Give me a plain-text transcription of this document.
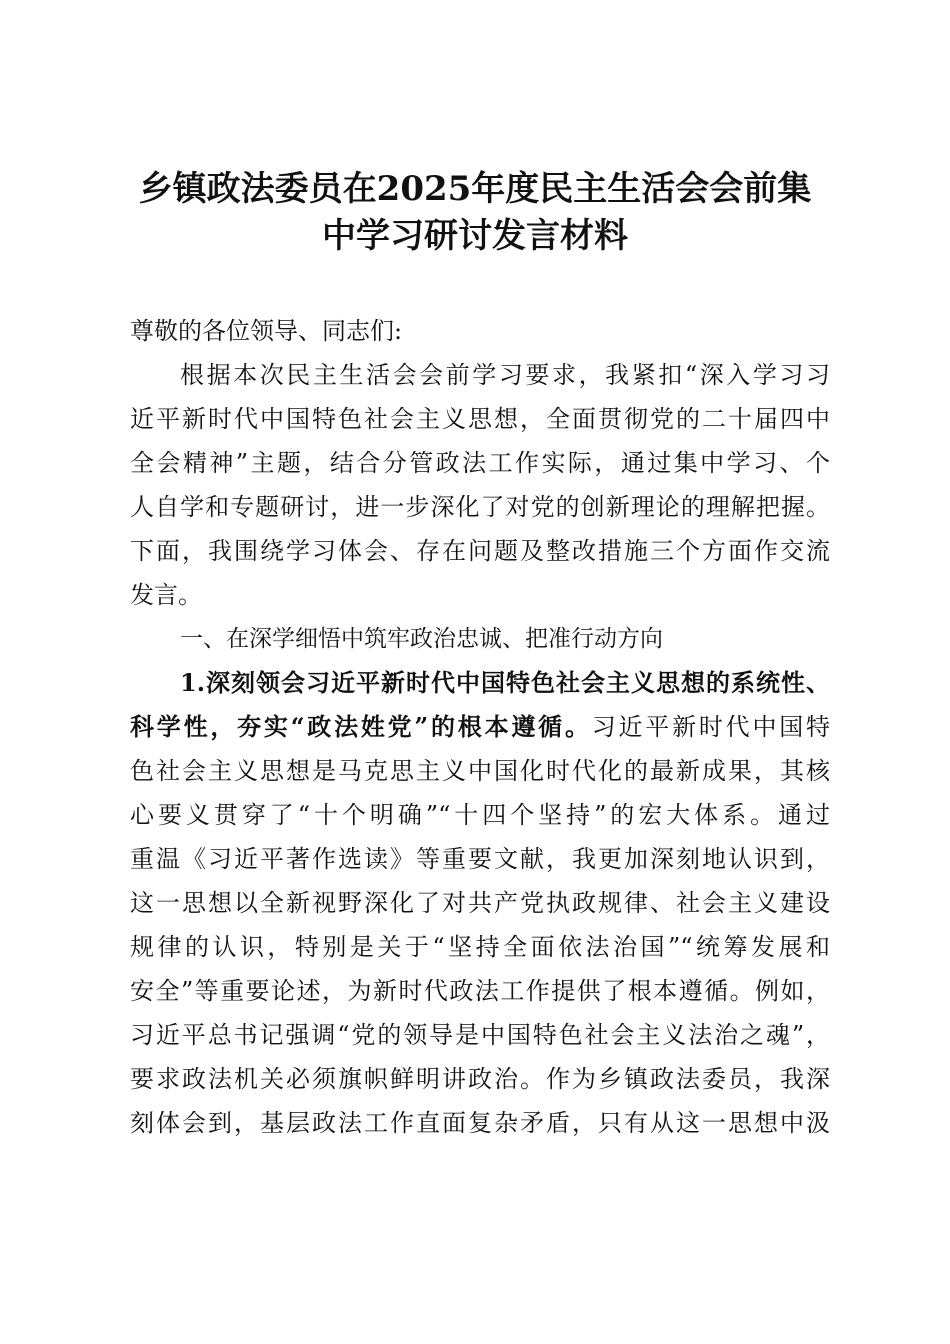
乡镇政法委员在2025年度民主生活会会前集
中学习研讨发言材料
尊敬的各位领导、同志们:
根据本次民主生活会会前学习要求，我紧扣“深入学习习
近平新时代中国特色社会主义思想，全面贯彻党的二十届四中
全会精神”主题，结合分管政法工作实际，通过集中学习、个
人自学和专题研讨，进一步深化了对党的创新理论的理解把握。
下面，我围绕学习体会、存在问题及整改措施三个方面作交流
发言。
一、在深学细悟中筑牢政治忠诚、把准行动方向
1.深刻领会习近平新时代中国特色社会主义思想的系统性、
科学性，夯实“政法姓党”的根本遵循。习近平新时代中国特
色社会主义思想是马克思主义中国化时代化的最新成果，其核
心要义贯穿了“十个明确”“十四个坚持”的宏大体系。通过
重温《习近平著作选读》等重要文献，我更加深刻地认识到，
这一思想以全新视野深化了对共产党执政规律、社会主义建设
规律的认识，特别是关于“坚持全面依法治国”“统筹发展和
安全”等重要论述，为新时代政法工作提供了根本遵循。例如，
习近平总书记强调“党的领导是中国特色社会主义法治之魂”，
要求政法机关必须旗帜鲜明讲政治。作为乡镇政法委员，我深
刻体会到，基层政法工作直面复杂矛盾，只有从这一思想中汲
